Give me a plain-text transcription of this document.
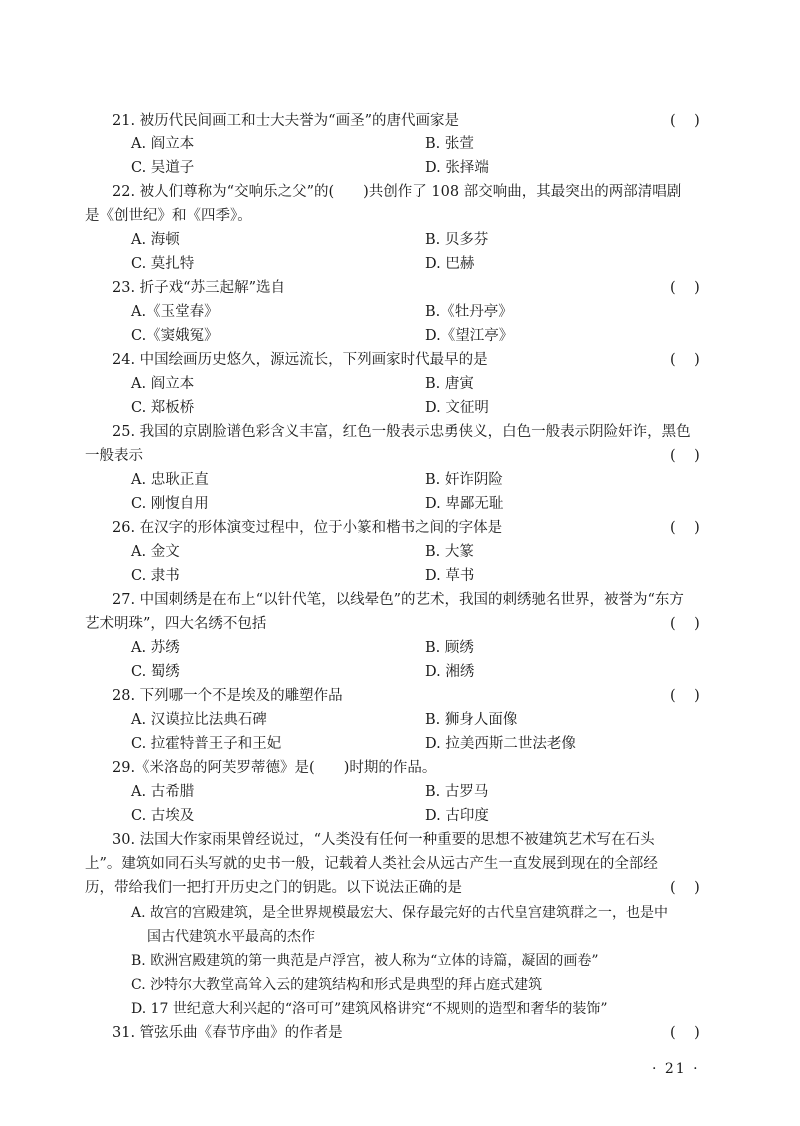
21. 被历代民间画工和士大夫誉为“画圣”的唐代画家是	(    )
A. 阎立本	B. 张萱
C. 吴道子	D. 张择端
22. 被人们尊称为“交响乐之父”的(　　)共创作了 108 部交响曲，其最突出的两部清唱剧
是《创世纪》和《四季》。
A. 海顿	B. 贝多芬
C. 莫扎特	D. 巴赫
23. 折子戏“苏三起解”选自	(    )
A.《玉堂春》	B.《牡丹亭》
C.《窦娥冤》	D.《望江亭》
24. 中国绘画历史悠久，源远流长，下列画家时代最早的是	(    )
A. 阎立本	B. 唐寅
C. 郑板桥	D. 文征明
25. 我国的京剧脸谱色彩含义丰富，红色一般表示忠勇侠义，白色一般表示阴险奸诈，黑色
一般表示	(    )
A. 忠耿正直	B. 奸诈阴险
C. 刚愎自用	D. 卑鄙无耻
26. 在汉字的形体演变过程中，位于小篆和楷书之间的字体是	(    )
A. 金文	B. 大篆
C. 隶书	D. 草书
27. 中国刺绣是在布上“以针代笔，以线晕色”的艺术，我国的刺绣驰名世界，被誉为“东方
艺术明珠”，四大名绣不包括	(    )
A. 苏绣	B. 顾绣
C. 蜀绣	D. 湘绣
28. 下列哪一个不是埃及的雕塑作品	(    )
A. 汉谟拉比法典石碑	B. 狮身人面像
C. 拉霍特普王子和王妃	D. 拉美西斯二世法老像
29.《米洛岛的阿芙罗蒂德》是(　　)时期的作品。
A. 古希腊	B. 古罗马
C. 古埃及	D. 古印度
30. 法国大作家雨果曾经说过，“人类没有任何一种重要的思想不被建筑艺术写在石头
上”。建筑如同石头写就的史书一般，记载着人类社会从远古产生一直发展到现在的全部经
历，带给我们一把打开历史之门的钥匙。以下说法正确的是	(    )
A. 故宫的宫殿建筑，是全世界规模最宏大、保存最完好的古代皇宫建筑群之一，也是中
国古代建筑水平最高的杰作
B. 欧洲宫殿建筑的第一典范是卢浮宫，被人称为“立体的诗篇，凝固的画卷”
C. 沙特尔大教堂高耸入云的建筑结构和形式是典型的拜占庭式建筑
D. 17 世纪意大利兴起的“洛可可”建筑风格讲究“不规则的造型和奢华的装饰”
31. 管弦乐曲《春节序曲》的作者是	(    )
· 21 ·
